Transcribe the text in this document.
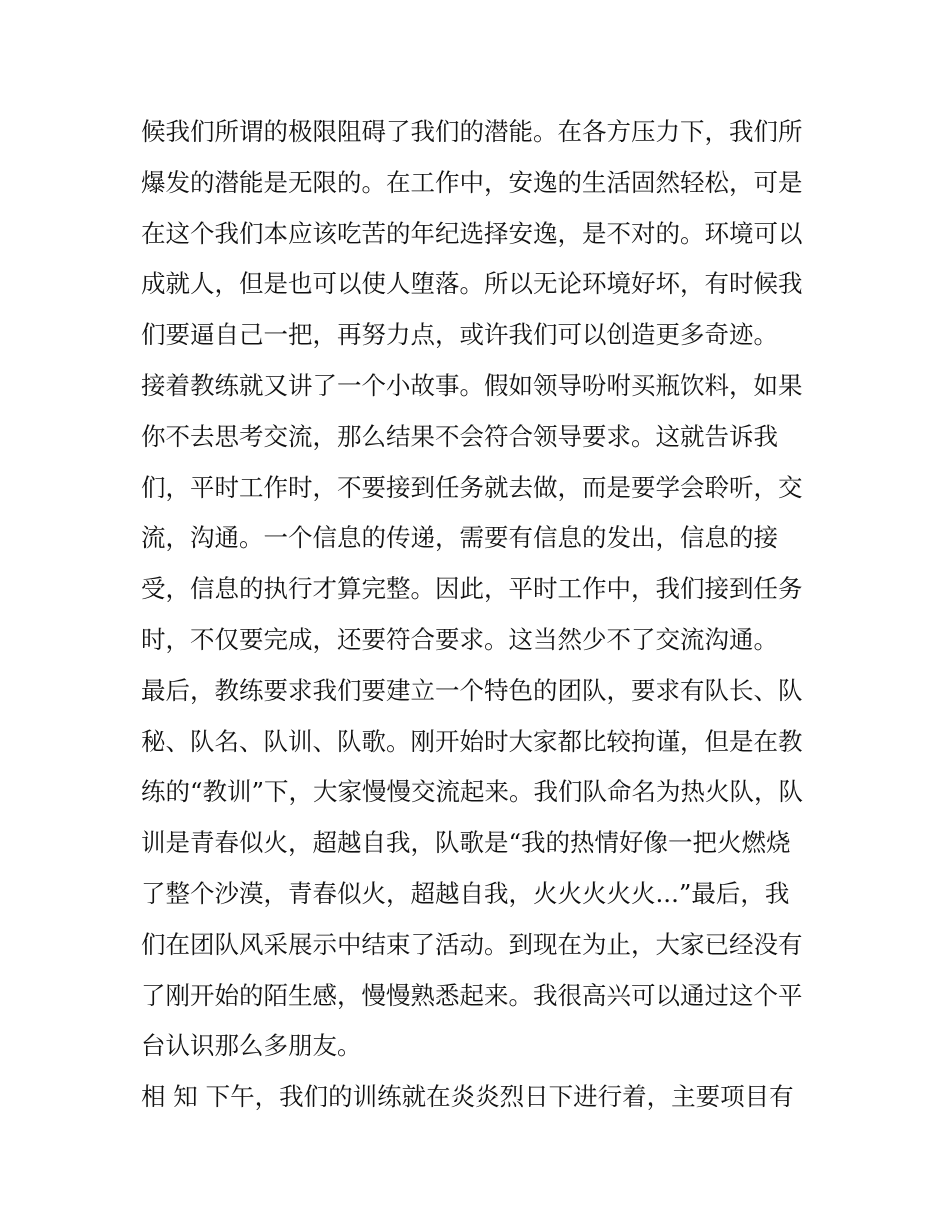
候我们所谓的极限阻碍了我们的潜能。在各方压力下，我们所
爆发的潜能是无限的。在工作中，安逸的生活固然轻松，可是
在这个我们本应该吃苦的年纪选择安逸，是不对的。环境可以
成就人，但是也可以使人堕落。所以无论环境好坏，有时候我
们要逼自己一把，再努力点，或许我们可以创造更多奇迹。
接着教练就又讲了一个小故事。假如领导吩咐买瓶饮料，如果
你不去思考交流，那么结果不会符合领导要求。这就告诉我
们，平时工作时，不要接到任务就去做，而是要学会聆听，交
流，沟通。一个信息的传递，需要有信息的发出，信息的接
受，信息的执行才算完整。因此，平时工作中，我们接到任务
时，不仅要完成，还要符合要求。这当然少不了交流沟通。
最后，教练要求我们要建立一个特色的团队，要求有队长、队
秘、队名、队训、队歌。刚开始时大家都比较拘谨，但是在教
练的“教训”下，大家慢慢交流起来。我们队命名为热火队，队
训是青春似火，超越自我，队歌是“我的热情好像一把火燃烧
了整个沙漠，青春似火，超越自我，火火火火火...”最后，我
们在团队风采展示中结束了活动。到现在为止，大家已经没有
了刚开始的陌生感，慢慢熟悉起来。我很高兴可以通过这个平
台认识那么多朋友。
相 知 下午，我们的训练就在炎炎烈日下进行着，主要项目有
